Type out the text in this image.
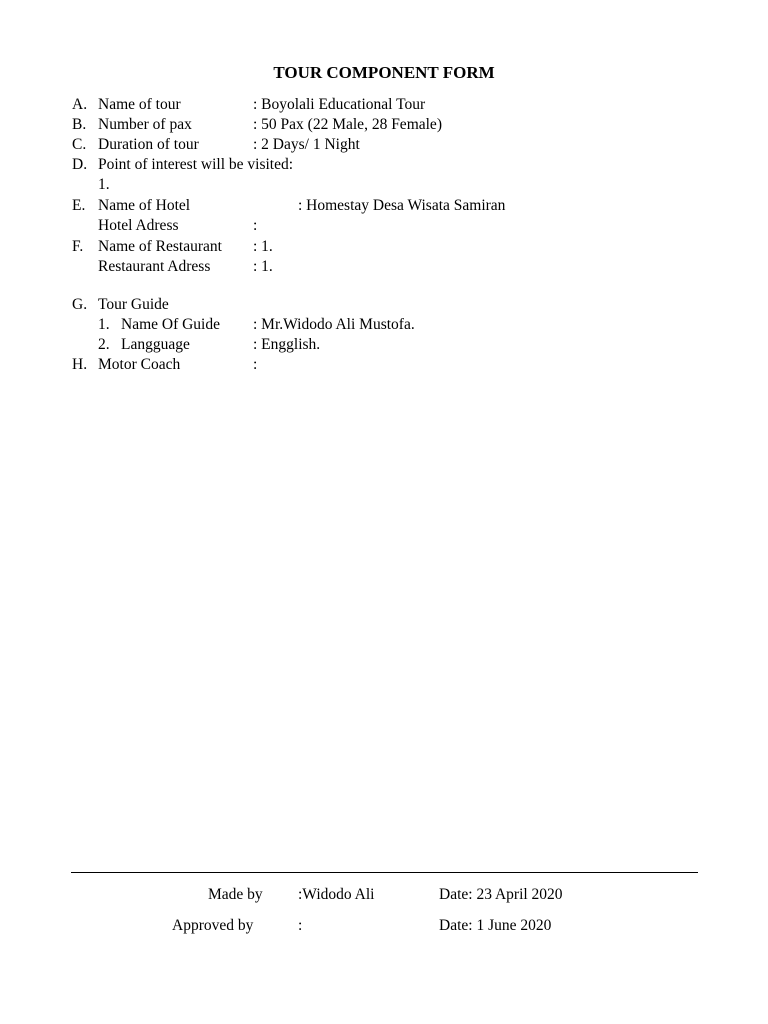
TOUR COMPONENT FORM
A. Name of tour	: Boyolali Educational Tour
B. Number of pax	: 50 Pax (22 Male, 28 Female)
C. Duration of tour	: 2 Days/ 1 Night
D. Point of interest will be visited:
1.
E. Name of Hotel	: Homestay Desa Wisata Samiran
Hotel Adress	:
F. Name of Restaurant : 1.
Restaurant Adress	: 1.
G. Tour Guide
1. Name Of Guide : Mr.Widodo Ali Mustofa.
2. Langguage	: Engglish.
H. Motor Coach	:
Made by :Widodo Ali	Date: 23 April 2020
Approved by	:	Date: 1 June 2020
